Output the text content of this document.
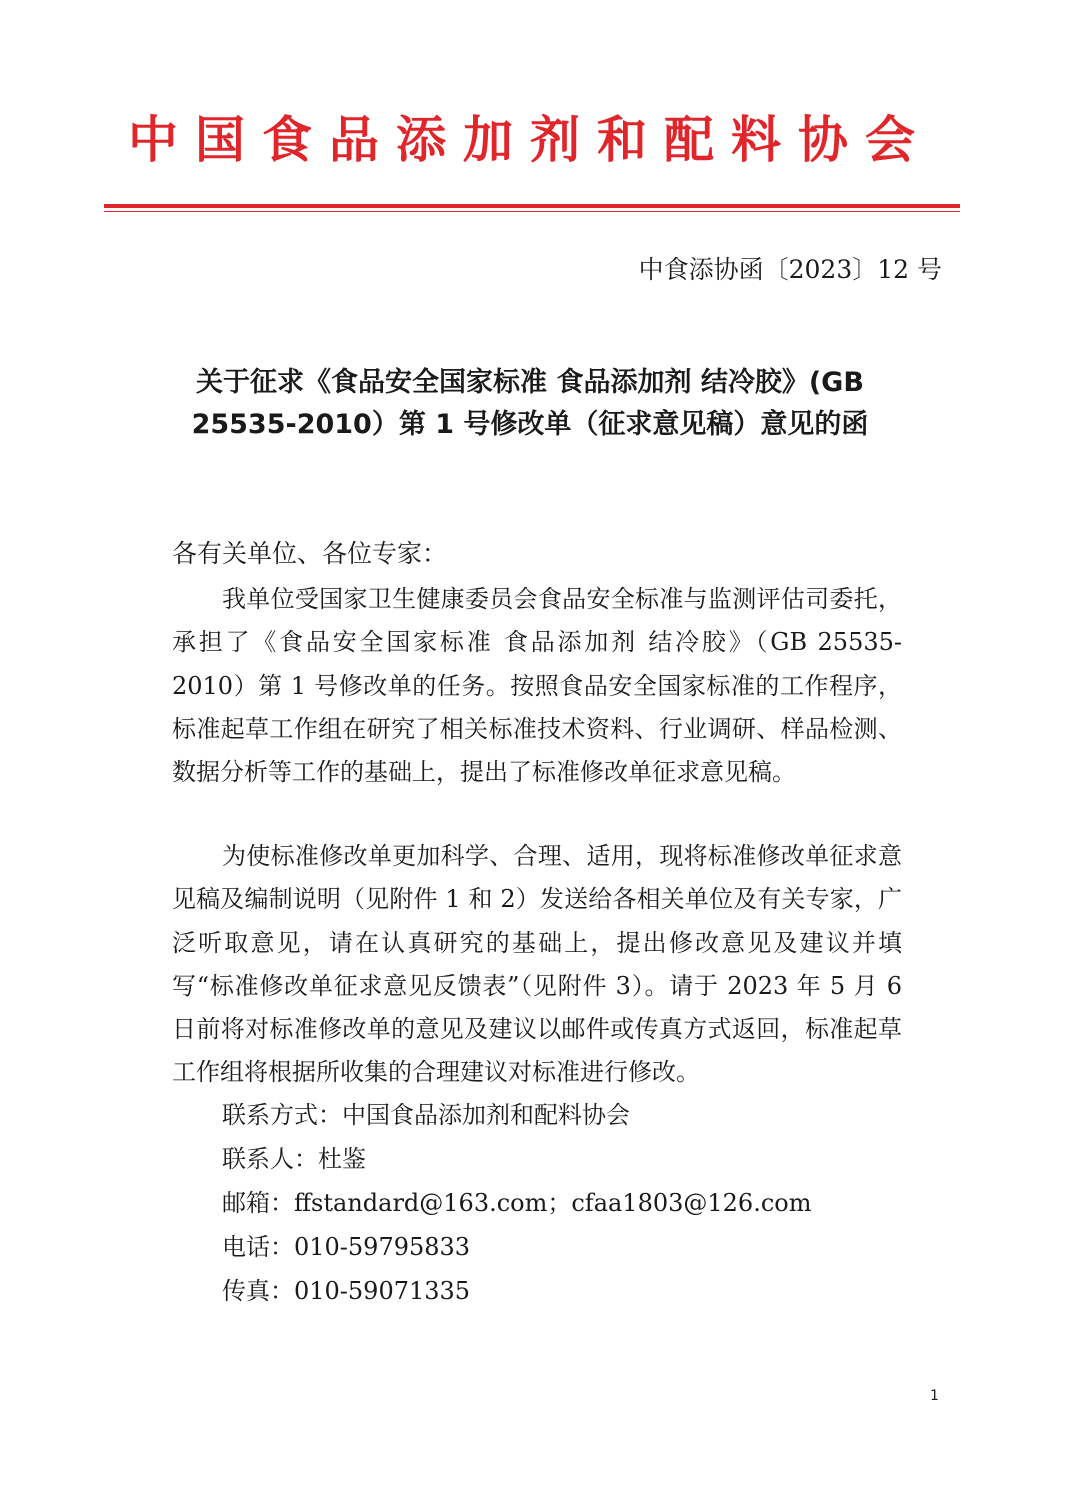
中国食品添加剂和配料协会
中食添协函〔2023〕12 号
关于征求《食品安全国家标准 食品添加剂 结冷胶》(GB
25535-2010）第 1 号修改单（征求意见稿）意见的函
各有关单位、各位专家：

我单位受国家卫生健康委员会食品安全标准与监测评估司委托，承担了《食品安全国家标准 食品添加剂 结冷胶》（GB 25535-2010）第 1 号修改单的任务。按照食品安全国家标准的工作程序，标准起草工作组在研究了相关标准技术资料、行业调研、样品检测、数据分析等工作的基础上，提出了标准修改单征求意见稿。

为使标准修改单更加科学、合理、适用，现将标准修改单征求意见稿及编制说明（见附件 1 和 2）发送给各相关单位及有关专家，广泛听取意见，请在认真研究的基础上，提出修改意见及建议并填写“标准修改单征求意见反馈表”（见附件 3）。请于 2023 年 5 月 6 日前将对标准修改单的意见及建议以邮件或传真方式返回，标准起草工作组将根据所收集的合理建议对标准进行修改。

联系方式：中国食品添加剂和配料协会
联系人：杜鉴
邮箱：ffstandard@163.com；cfaa1803@126.com
电话：010-59795833
传真：010-59071335
1
